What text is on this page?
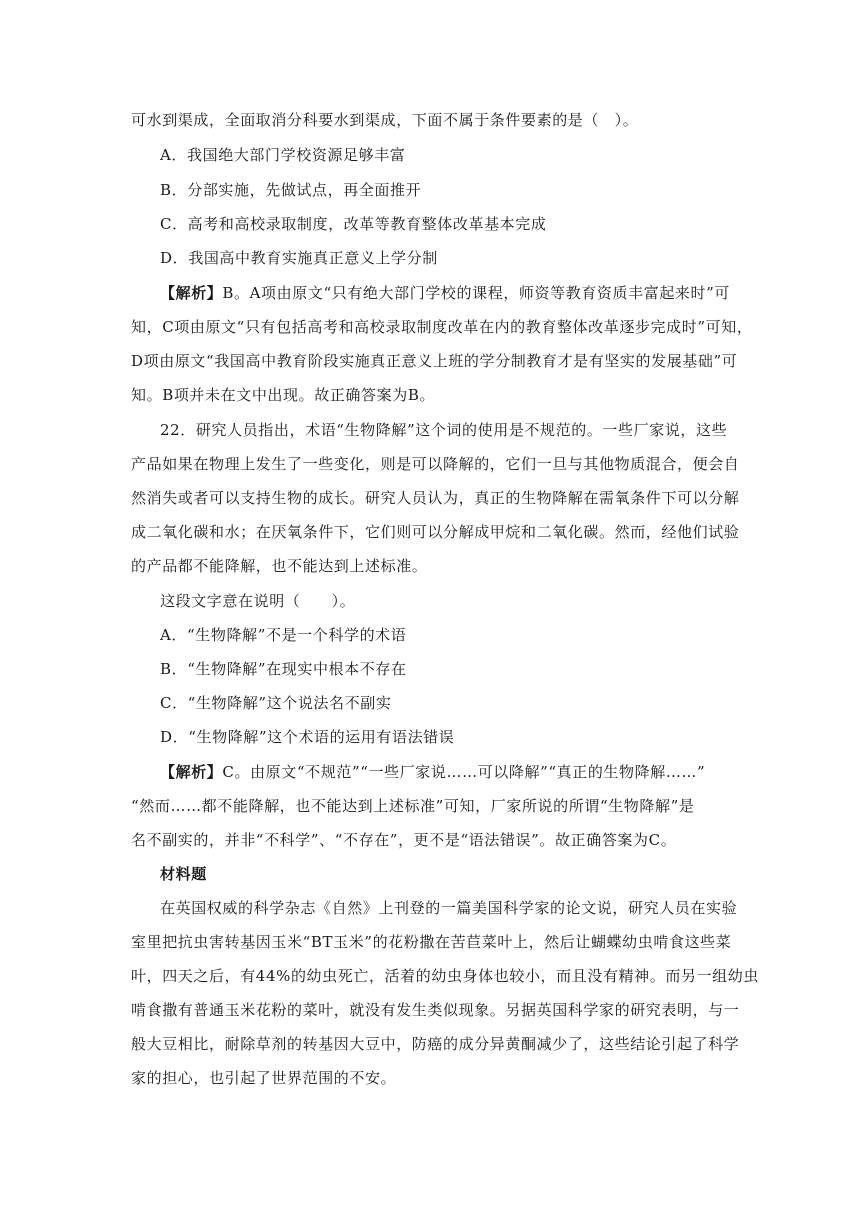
可水到渠成，全面取消分科要水到渠成，下面不属于条件要素的是（　）。
A．我国绝大部门学校资源足够丰富
B．分部实施，先做试点，再全面推开
C．高考和高校录取制度，改革等教育整体改革基本完成
D．我国高中教育实施真正意义上学分制
【解析】B。A项由原文“只有绝大部门学校的课程，师资等教育资质丰富起来时”可
知，C项由原文“只有包括高考和高校录取制度改革在内的教育整体改革逐步完成时”可知，
D项由原文“我国高中教育阶段实施真正意义上班的学分制教育才是有坚实的发展基础”可
知。B项并未在文中出现。故正确答案为B。
22．研究人员指出，术语“生物降解”这个词的使用是不规范的。一些厂家说，这些
产品如果在物理上发生了一些变化，则是可以降解的，它们一旦与其他物质混合，便会自
然消失或者可以支持生物的成长。研究人员认为，真正的生物降解在需氧条件下可以分解
成二氧化碳和水；在厌氧条件下，它们则可以分解成甲烷和二氧化碳。然而，经他们试验
的产品都不能降解，也不能达到上述标准。
这段文字意在说明（　　）。
A．“生物降解”不是一个科学的术语
B．“生物降解”在现实中根本不存在
C．“生物降解”这个说法名不副实
D．“生物降解”这个术语的运用有语法错误
【解析】C。由原文“不规范”“一些厂家说……可以降解”“真正的生物降解……”
“然而……都不能降解，也不能达到上述标准”可知，厂家所说的所谓“生物降解”是
名不副实的，并非“不科学”、“不存在”，更不是“语法错误”。故正确答案为C。
材料题
在英国权威的科学杂志《自然》上刊登的一篇美国科学家的论文说，研究人员在实验
室里把抗虫害转基因玉米“BT玉米”的花粉撒在苦苣菜叶上，然后让蝴蝶幼虫啃食这些菜
叶，四天之后，有44%的幼虫死亡，活着的幼虫身体也较小，而且没有精神。而另一组幼虫
啃食撒有普通玉米花粉的菜叶，就没有发生类似现象。另据英国科学家的研究表明，与一
般大豆相比，耐除草剂的转基因大豆中，防癌的成分异黄酮减少了，这些结论引起了科学
家的担心，也引起了世界范围的不安。
